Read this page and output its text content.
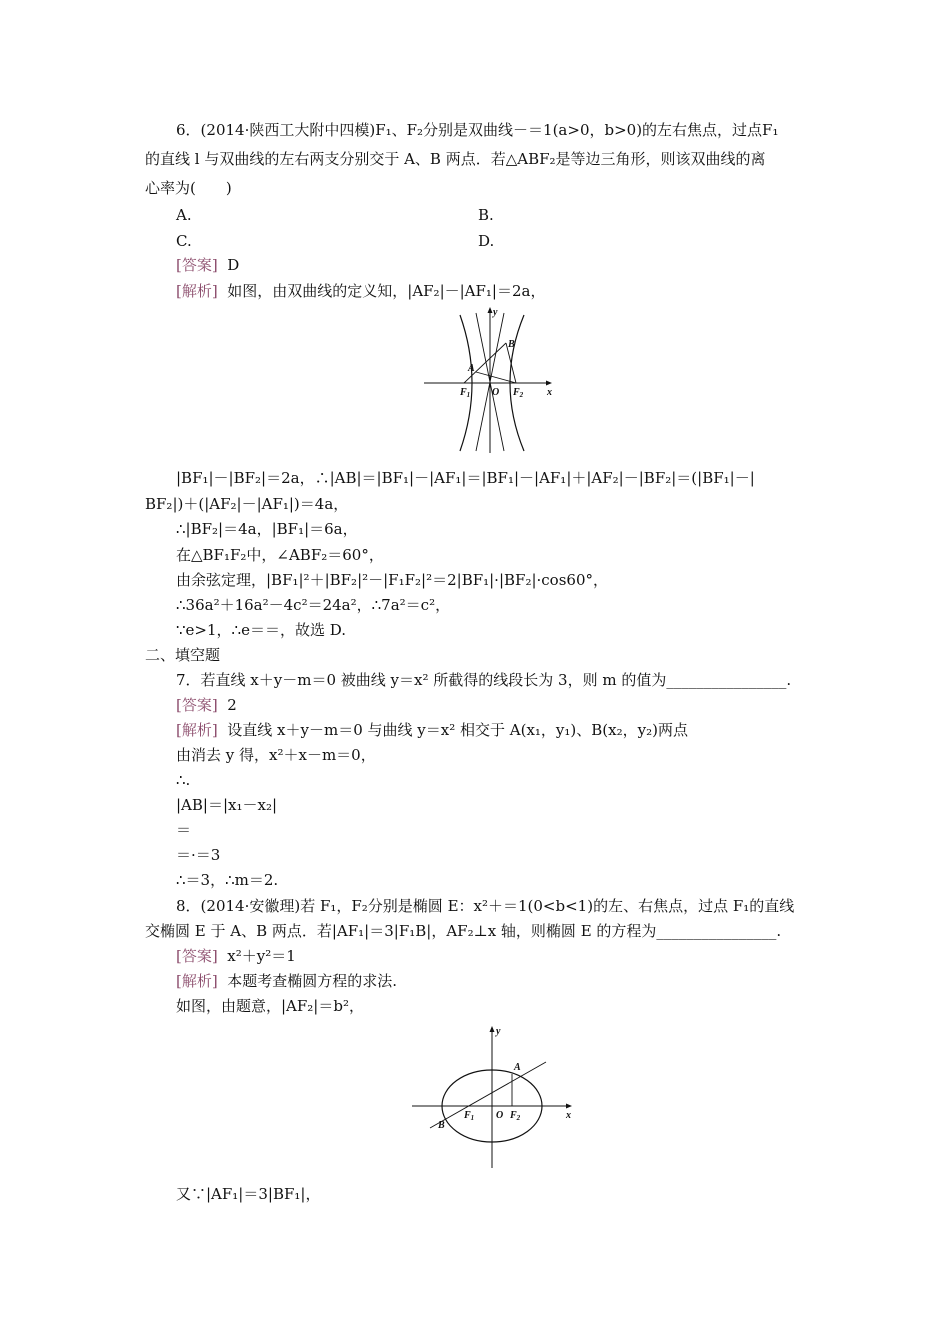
6．(2014·陕西工大附中四模)F₁、F₂分别是双曲线－＝1(a>0，b>0)的左右焦点，过点F₁
的直线 l 与双曲线的左右两支分别交于 A、B 两点．若△ABF₂是等边三角形，则该双曲线的离
心率为(　　)
A.	B.
C.	D.
[答案] D
[解析] 如图，由双曲线的定义知，|AF₂|－|AF₁|＝2a，
A
B
$F_1$ O $F_2$ x
y
|BF₁|－|BF₂|＝2a，∴|AB|＝|BF₁|－|AF₁|＝|BF₁|－|AF₁|＋|AF₂|－|BF₂|＝(|BF₁|－|
BF₂|)＋(|AF₂|－|AF₁|)＝4a，
∴|BF₂|＝4a，|BF₁|＝6a，
在△BF₁F₂中，∠ABF₂＝60°，
由余弦定理，|BF₁|²＋|BF₂|²－|F₁F₂|²＝2|BF₁|·|BF₂|·cos60°，
∴36a²＋16a²－4c²＝24a²，∴7a²＝c²，
∵e>1，∴e＝＝，故选 D.
二、填空题
7．若直线 x＋y－m＝0 被曲线 y＝x² 所截得的线段长为 3，则 m 的值为________________.
[答案] 2
[解析] 设直线 x＋y－m＝0 与曲线 y＝x² 相交于 A(x₁，y₁)、B(x₂，y₂)两点
由消去 y 得，x²＋x－m＝0，
∴.
|AB|＝|x₁－x₂|
＝
＝·＝3
∴＝3，∴m＝2.
8．(2014·安徽理)若 F₁，F₂分别是椭圆 E：x²＋＝1(0<b<1)的左、右焦点，过点 F₁的直线
交椭圆 E 于 A、B 两点．若|AF₁|＝3|F₁B|，AF₂⊥x 轴，则椭圆 E 的方程为________________.
[答案] x²＋y²＝1
[解析] 本题考查椭圆方程的求法.
如图，由题意，|AF₂|＝b²，
A
B
$F_1$ O $F_2$	x
y
又∵|AF₁|＝3|BF₁|，
